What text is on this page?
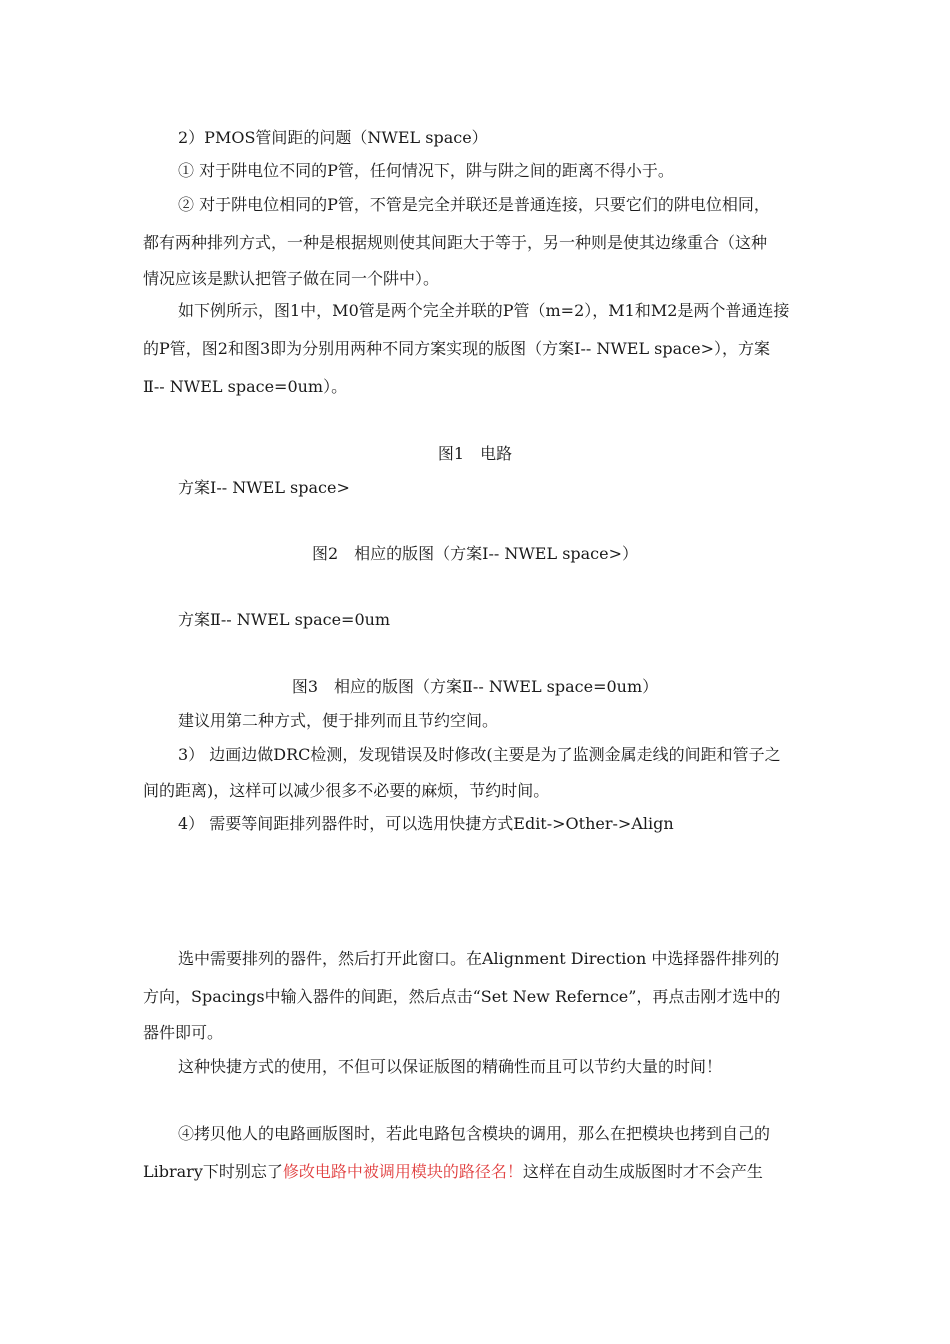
2）PMOS管间距的问题（NWEL space）
① 对于阱电位不同的P管，任何情况下，阱与阱之间的距离不得小于。
② 对于阱电位相同的P管，不管是完全并联还是普通连接，只要它们的阱电位相同，
都有两种排列方式，一种是根据规则使其间距大于等于，另一种则是使其边缘重合（这种
情况应该是默认把管子做在同一个阱中）。
如下例所示，图1中，M0管是两个完全并联的P管（m=2），M1和M2是两个普通连接
的P管，图2和图3即为分别用两种不同方案实现的版图（方案Ⅰ-- NWEL space>），方案
Ⅱ-- NWEL space=0um）。
图1　电路
方案Ⅰ-- NWEL space>
图2　相应的版图（方案Ⅰ-- NWEL space>）
方案Ⅱ-- NWEL space=0um
图3　相应的版图（方案Ⅱ-- NWEL space=0um）
建议用第二种方式，便于排列而且节约空间。
3） 边画边做DRC检测，发现错误及时修改(主要是为了监测金属走线的间距和管子之
间的距离)，这样可以减少很多不必要的麻烦，节约时间。
4） 需要等间距排列器件时，可以选用快捷方式Edit->Other->Align
选中需要排列的器件，然后打开此窗口。在Alignment Direction 中选择器件排列的
方向，Spacings中输入器件的间距，然后点击“Set New Refernce”，再点击刚才选中的
器件即可。
这种快捷方式的使用，不但可以保证版图的精确性而且可以节约大量的时间！
④拷贝他人的电路画版图时，若此电路包含模块的调用，那么在把模块也拷到自己的
Library下时别忘了修改电路中被调用模块的路径名！这样在自动生成版图时才不会产生
